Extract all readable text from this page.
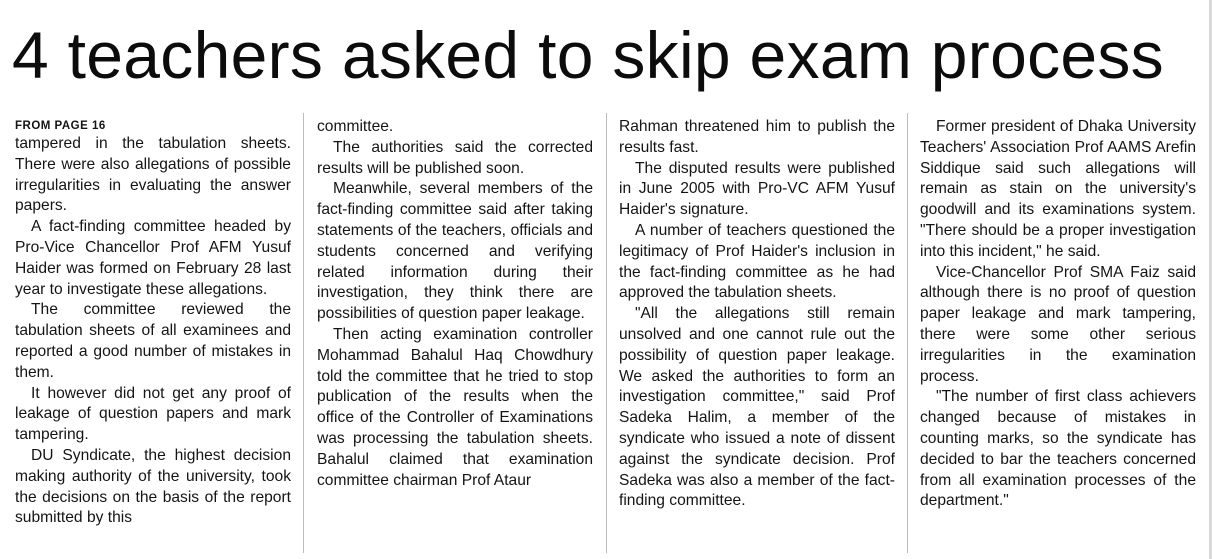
4 teachers asked to skip exam process
FROM PAGE 16

tampered in the tabulation sheets. There were also allegations of possible irregularities in evaluating the answer papers.

A fact-finding committee headed by Pro-Vice Chancellor Prof AFM Yusuf Haider was formed on February 28 last year to investigate these allegations.

The committee reviewed the tabulation sheets of all examinees and reported a good number of mistakes in them.

It however did not get any proof of leakage of question papers and mark tampering.

DU Syndicate, the highest decision making authority of the university, took the decisions on the basis of the report submitted by this

committee.

The authorities said the corrected results will be published soon.

Meanwhile, several members of the fact-finding committee said after taking statements of the teachers, officials and students concerned and verifying related information during their investigation, they think there are possibilities of question paper leakage.

Then acting examination controller Mohammad Bahalul Haq Chowdhury told the committee that he tried to stop publication of the results when the office of the Controller of Examinations was processing the tabulation sheets. Bahalul claimed that examination committee chairman Prof Ataur

Rahman threatened him to publish the results fast.

The disputed results were published in June 2005 with Pro-VC AFM Yusuf Haider's signature.

A number of teachers questioned the legitimacy of Prof Haider's inclusion in the fact-finding committee as he had approved the tabulation sheets.

"All the allegations still remain unsolved and one cannot rule out the possibility of question paper leakage. We asked the authorities to form an investigation committee," said Prof Sadeka Halim, a member of the syndicate who issued a note of dissent against the syndicate decision. Prof Sadeka was also a member of the fact-finding committee.

Former president of Dhaka University Teachers' Association Prof AAMS Arefin Siddique said such allegations will remain as stain on the university's goodwill and its examinations system. "There should be a proper investigation into this incident," he said.

Vice-Chancellor Prof SMA Faiz said although there is no proof of question paper leakage and mark tampering, there were some other serious irregularities in the examination process.

"The number of first class achievers changed because of mistakes in counting marks, so the syndicate has decided to bar the teachers concerned from all examination processes of the department."
